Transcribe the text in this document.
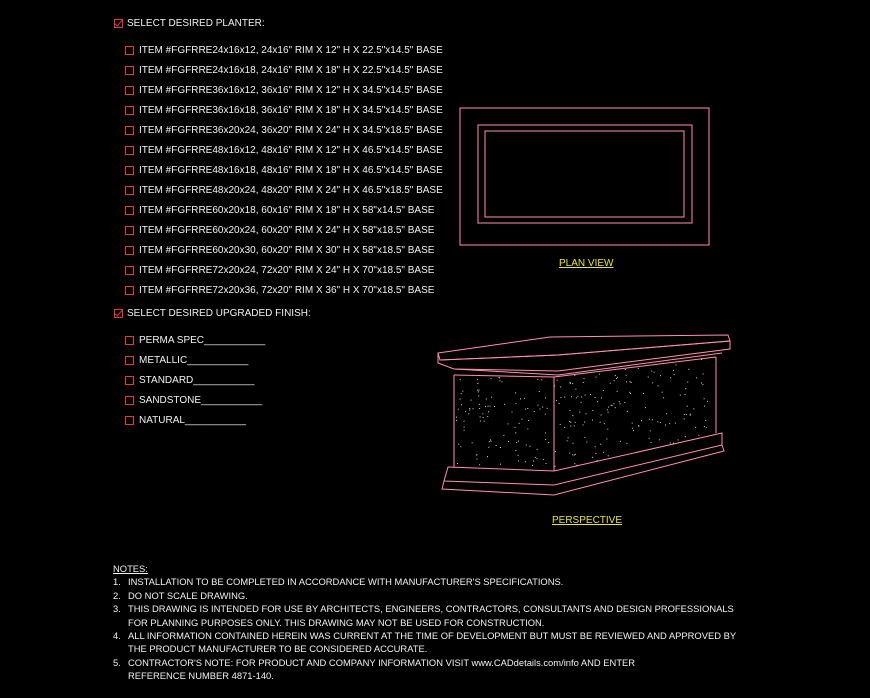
SELECT DESIRED PLANTER:
ITEM #FGFRRE24x16x12, 24x16" RIM X 12" H X 22.5"x14.5" BASE
ITEM #FGFRRE24x16x18, 24x16" RIM X 18" H X 22.5"x14.5" BASE
ITEM #FGFRRE36x16x12, 36x16" RIM X 12" H X 34.5"x14.5" BASE
ITEM #FGFRRE36x16x18, 36x16" RIM X 18" H X 34.5"x14.5" BASE
ITEM #FGFRRE36x20x24, 36x20" RIM X 24" H X 34.5"x18.5" BASE
ITEM #FGFRRE48x16x12, 48x16" RIM X 12" H X 46.5"x14.5" BASE
ITEM #FGFRRE48x16x18, 48x16" RIM X 18" H X 46.5"x14.5" BASE
ITEM #FGFRRE48x20x24, 48x20" RIM X 24" H X 46.5"x18.5" BASE
ITEM #FGFRRE60x20x18, 60x16" RIM X 18" H X 58"x14.5" BASE
ITEM #FGFRRE60x20x24, 60x20" RIM X 24" H X 58"x18.5" BASE
ITEM #FGFRRE60x20x30, 60x20" RIM X 30" H X 58"x18.5" BASE
ITEM #FGFRRE72x20x24, 72x20" RIM X 24" H X 70"x18.5" BASE
ITEM #FGFRRE72x20x36, 72x20" RIM X 36" H X 70"x18.5" BASE
SELECT DESIRED UPGRADED FINISH:
PERMA SPEC___________
METALLIC___________
STANDARD___________
SANDSTONE___________
NATURAL___________
PLAN VIEW
PERSPECTIVE
NOTES:
1. INSTALLATION TO BE COMPLETED IN ACCORDANCE WITH MANUFACTURER'S SPECIFICATIONS.
2. DO NOT SCALE DRAWING.
3. THIS DRAWING IS INTENDED FOR USE BY ARCHITECTS, ENGINEERS, CONTRACTORS, CONSULTANTS AND DESIGN PROFESSIONALS
FOR PLANNING PURPOSES ONLY. THIS DRAWING MAY NOT BE USED FOR CONSTRUCTION.
4. ALL INFORMATION CONTAINED HEREIN WAS CURRENT AT THE TIME OF DEVELOPMENT BUT MUST BE REVIEWED AND APPROVED BY
THE PRODUCT MANUFACTURER TO BE CONSIDERED ACCURATE.
5. CONTRACTOR'S NOTE: FOR PRODUCT AND COMPANY INFORMATION VISIT www.CADdetails.com/info AND ENTER
REFERENCE NUMBER 4871-140.
